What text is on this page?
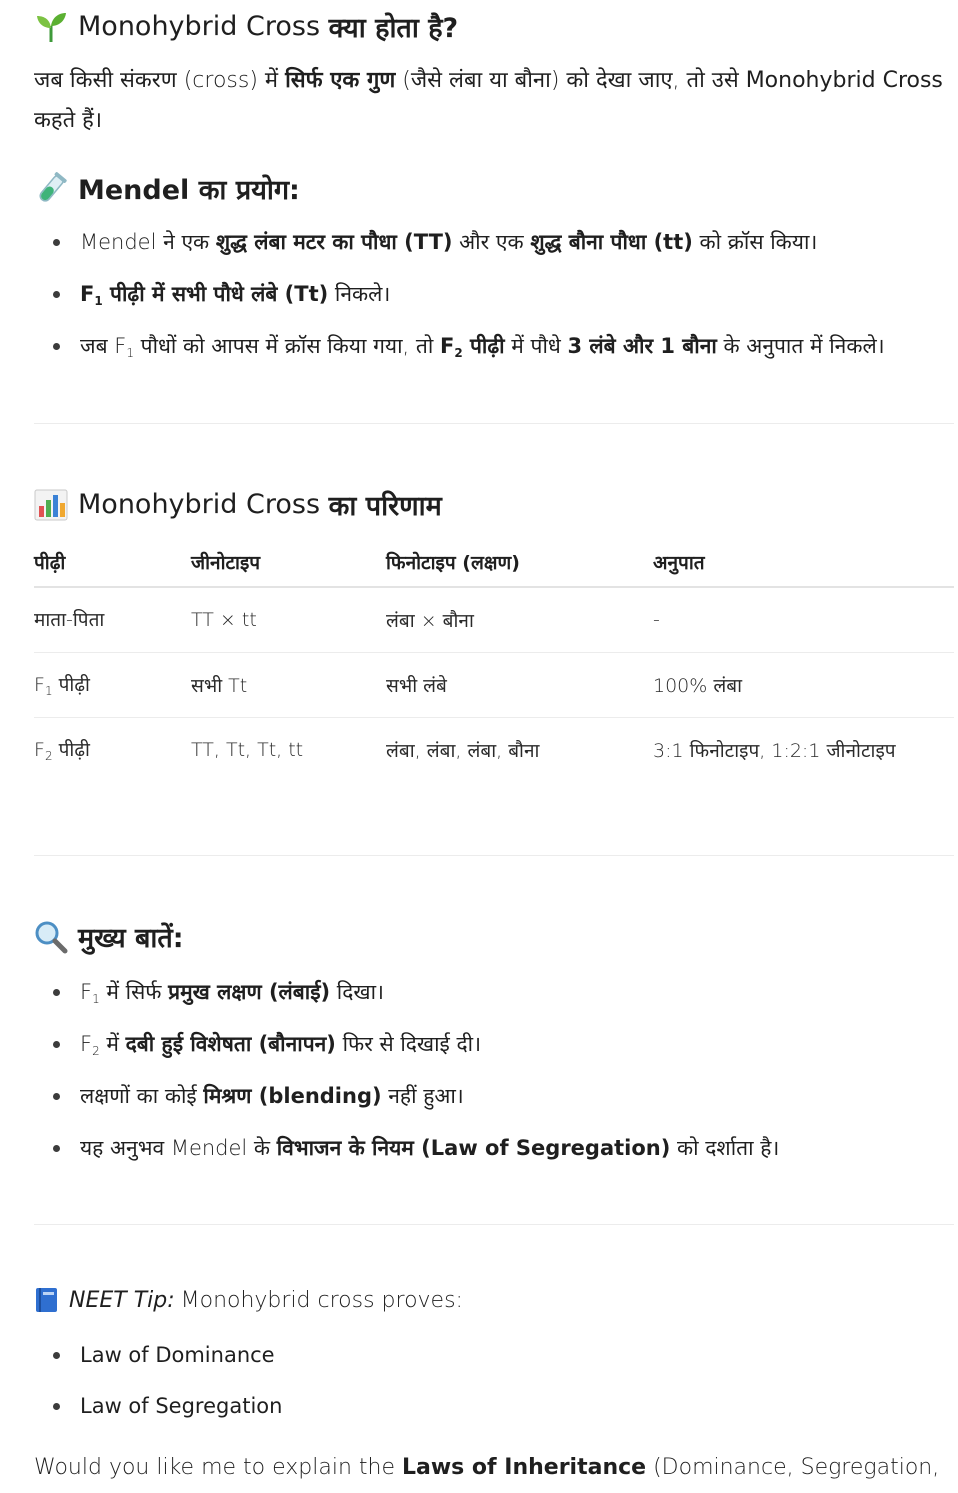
Monohybrid Cross
क्या होता है?
जब किसी संकरण (cross) में सिर्फ एक गुण (जैसे लंबा या बौना) को देखा जाए, तो उसे Monohybrid Cross
कहते हैं।
Mendel का प्रयोग:
Mendel ने एक शुद्ध लंबा मटर का पौधा (TT) और एक शुद्ध बौना पौधा (tt) को क्रॉस किया।
$F_1$ पीढ़ी में सभी पौधे लंबे (Tt) निकले।
जब $F_1$ पौधों को आपस में क्रॉस किया गया, तो $F_2$ पीढ़ी में पौधे 3 लंबे और 1 बौना के अनुपात में निकले।
Monohybrid Cross
का परिणाम
पीढ़ी	जीनोटाइप	फिनोटाइप (लक्षण)	अनुपात
माता-पिता	TT × tt	लंबा × बौना	-
$F_1$ पीढ़ी	सभी Tt	सभी लंबे	100% लंबा
$F_2$ पीढ़ी	TT, Tt, Tt, tt	लंबा, लंबा, लंबा, बौना	3:1 फिनोटाइप, 1:2:1 जीनोटाइप
मुख्य बातें:
$F_1$ में सिर्फ प्रमुख लक्षण (लंबाई) दिखा।
$F_2$ में दबी हुई विशेषता (बौनापन) फिर से दिखाई दी।
लक्षणों का कोई मिश्रण (blending) नहीं हुआ।
यह अनुभव Mendel के विभाजन के नियम (Law of Segregation) को दर्शाता है।
NEET Tip: Monohybrid cross proves:
Law of Dominance
Law of Segregation
Would you like me to explain the Laws of Inheritance (Dominance, Segregation,
